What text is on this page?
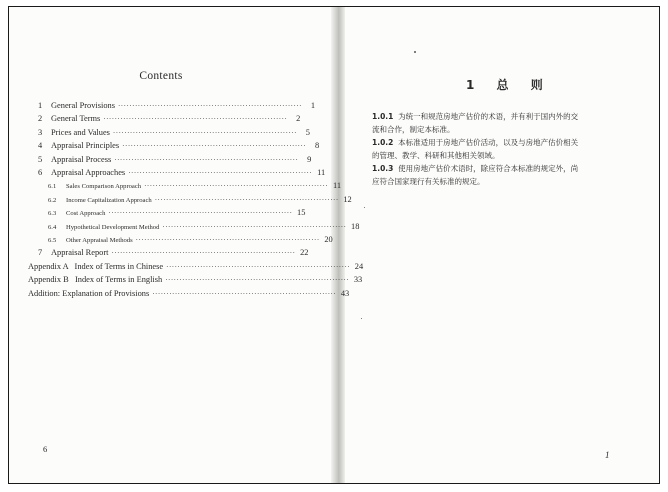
Contents
1 General Provisions ·································································	1
2 General Terms ·································································	2
3 Prices and Values ·································································	5
4 Appraisal Principles ·································································	8
5 Appraisal Process ·································································	9
6 Appraisal Approaches ································································· 11
6.1 Sales Comparison Approach ································································· 11
6.2 Income Capitalization Approach ································································· 12
6.3 Cost Approach ································································· 15
6.4 Hypothetical Development Method ································································· 18
6.5 Other Appraisal Methods ································································· 20
7 Appraisal Report ································································· 22
Appendix A   Index of Terms in Chinese ································································· 24
Appendix B   Index of Terms in English ································································· 33
Addition: Explanation of Provisions ································································· 43
6
1 总 则
1.0.1 为统一和规范房地产估价的术语，并有利于国内外的交
流和合作，制定本标准。
1.0.2 本标准适用于房地产估价活动，以及与房地产估价相关
的管理、教学、科研和其他相关领域。
1.0.3 使用房地产估价术语时，除应符合本标准的规定外，尚
应符合国家现行有关标准的规定。
1
